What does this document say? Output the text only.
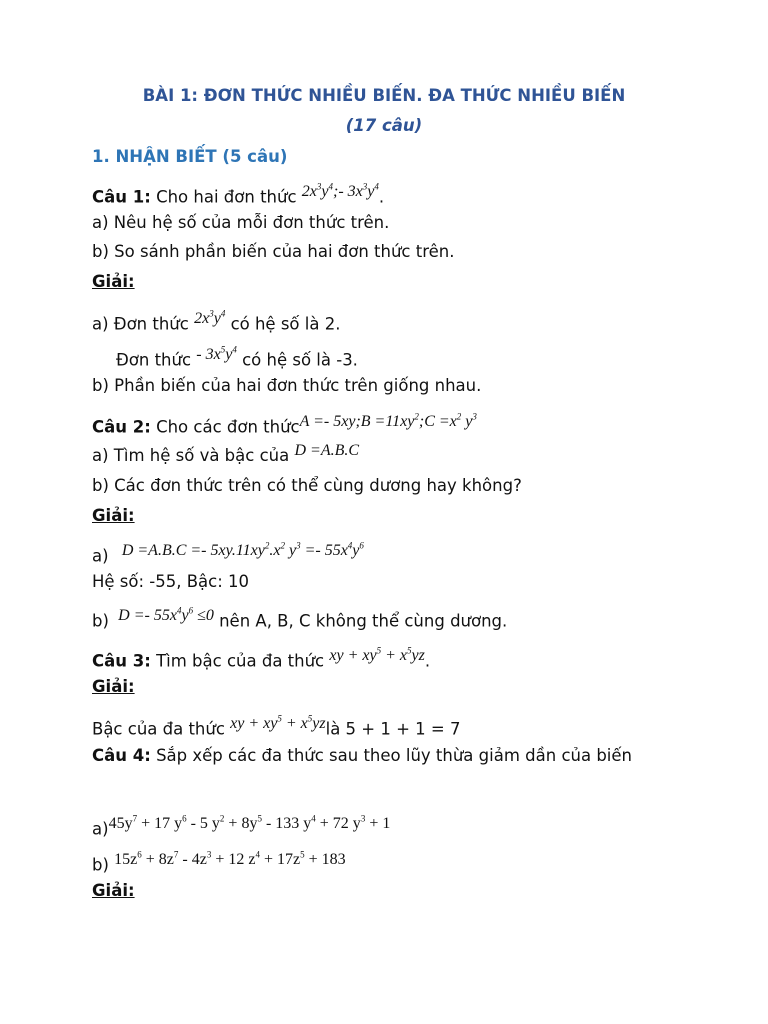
BÀI 1: ĐƠN THỨC NHIỀU BIẾN. ĐA THỨC NHIỀU BIẾN
(17 câu)
1. NHẬN BIẾT (5 câu)
Câu 1: Cho hai đơn thức $2x^3y^4;-$ $3x^3y^4$.
a) Nêu hệ số của mỗi đơn thức trên.
b) So sánh phần biến của hai đơn thức trên.
Giải:
a) Đơn thức $2x^3y^4$ có hệ số là 2.
Đơn thức - $3x^5y^4$ có hệ số là -3.
b) Phần biến của hai đơn thức trên giống nhau.
Câu 2: Cho các đơn thứcA =- 5xy;B $=11xy^2;C =x^2$ $y^3$
a) Tìm hệ số và bậc của D =A.B.C
b) Các đơn thức trên có thể cùng dương hay không?
Giải:
a) $D =A.B.C =- 5xy.11xy^2.x^2$ $y^3 =- 55x^4y^6$
Hệ số: -55, Bậc: 10
b) $D =- 55x^4y^6 \le 0$ nên A, B, C không thể cùng dương.
Câu 3: Tìm bậc của đa thức xy + $xy^5 + x^5yz$.
Giải:
Bậc của đa thức xy + $xy^5$ + $x^5yzlà$ 5 + 1 + 1 = 7
Câu 4: Sắp xếp các đa thức sau theo lũy thừa giảm dần của biến
$a)45y^7 + 17$ $y^6 - 5$ $y^2 + 8y^5 - 133$ $y^4 + 72$ $y^3 + 1$
b) $15z^6 + 8z^7 - 4z^3 + 12$ $z^4 + 17z^5 + 183$
Giải:
